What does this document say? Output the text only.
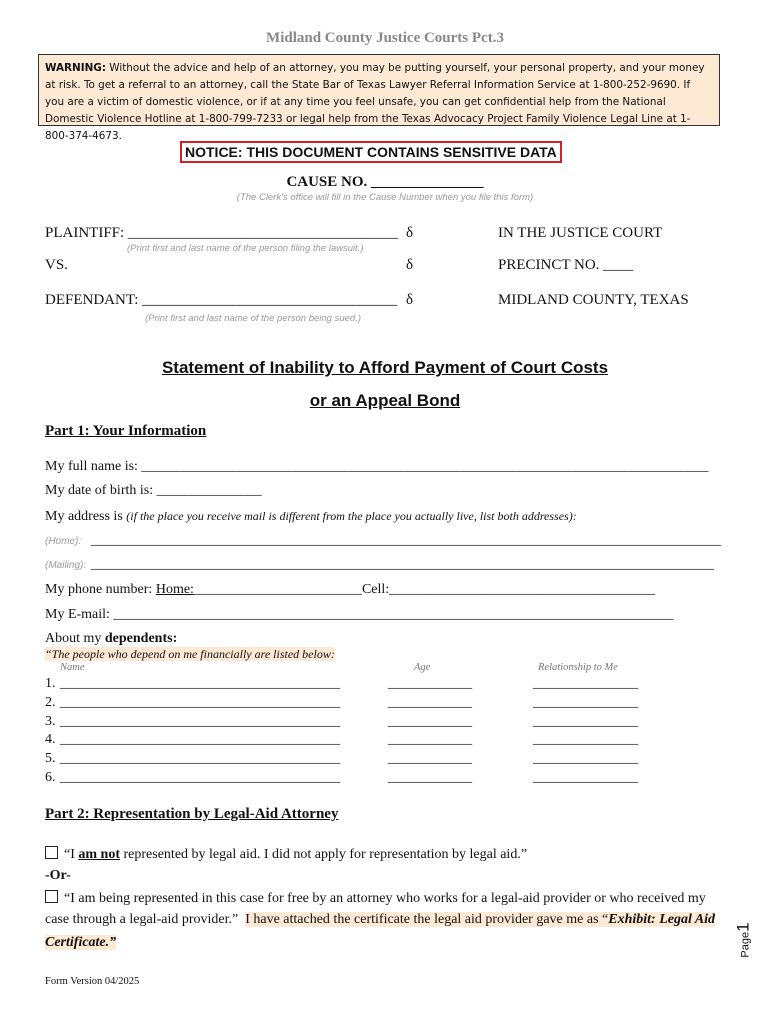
Midland County Justice Courts Pct.3
WARNING: Without the advice and help of an attorney, you may be putting yourself, your personal property, and your money at risk. To get a referral to an attorney, call the State Bar of Texas Lawyer Referral Information Service at 1-800-252-9690. If you are a victim of domestic violence, or if at any time you feel unsafe, you can get confidential help from the National Domestic Violence Hotline at 1-800-799-7233 or legal help from the Texas Advocacy Project Family Violence Legal Line at 1-800-374-4673.
NOTICE: THIS DOCUMENT CONTAINS SENSITIVE DATA
CAUSE NO. _______________
(The Clerk's office will fill in the Cause Number when you file this form)
PLAINTIFF: ____________________________________ δ	IN THE JUSTICE COURT
(Print first and last name of the person filing the lawsuit.)
VS.	δ	PRECINCT NO. ____
DEFENDANT: __________________________________ δ	MIDLAND COUNTY, TEXAS
(Print first and last name of the person being sued.)
Statement of Inability to Afford Payment of Court Costs
or an Appeal Bond
Part 1: Your Information
My full name is: _________________________________________________________________________________
My date of birth is: _______________
My address is (if the place you receive mail is different from the place you actually live, list both addresses):
(Home): __________________________________________________________________________________________
(Mailing): _________________________________________________________________________________________
My phone number: Home:________________________Cell:______________________________________
My E-mail: ________________________________________________________________________________
About my dependents:
“The people who depend on me financially are listed below:
Name	Age	Relationship to Me
1. ________________________________________	____________	_______________
2. ________________________________________	____________	_______________
3. ________________________________________	____________	_______________
4. ________________________________________	____________	_______________
5. ________________________________________	____________	_______________
6. ________________________________________	____________	_______________
Part 2: Representation by Legal-Aid Attorney
“I am not represented by legal aid. I did not apply for representation by legal aid.”
-Or-
“I am being represented in this case for free by an attorney who works for a legal-aid provider or who received my
case through a legal-aid provider.” I have attached the certificate the legal aid provider gave me as “Exhibit: Legal Aid
Certificate.”
Form Version 04/2025
Page1
